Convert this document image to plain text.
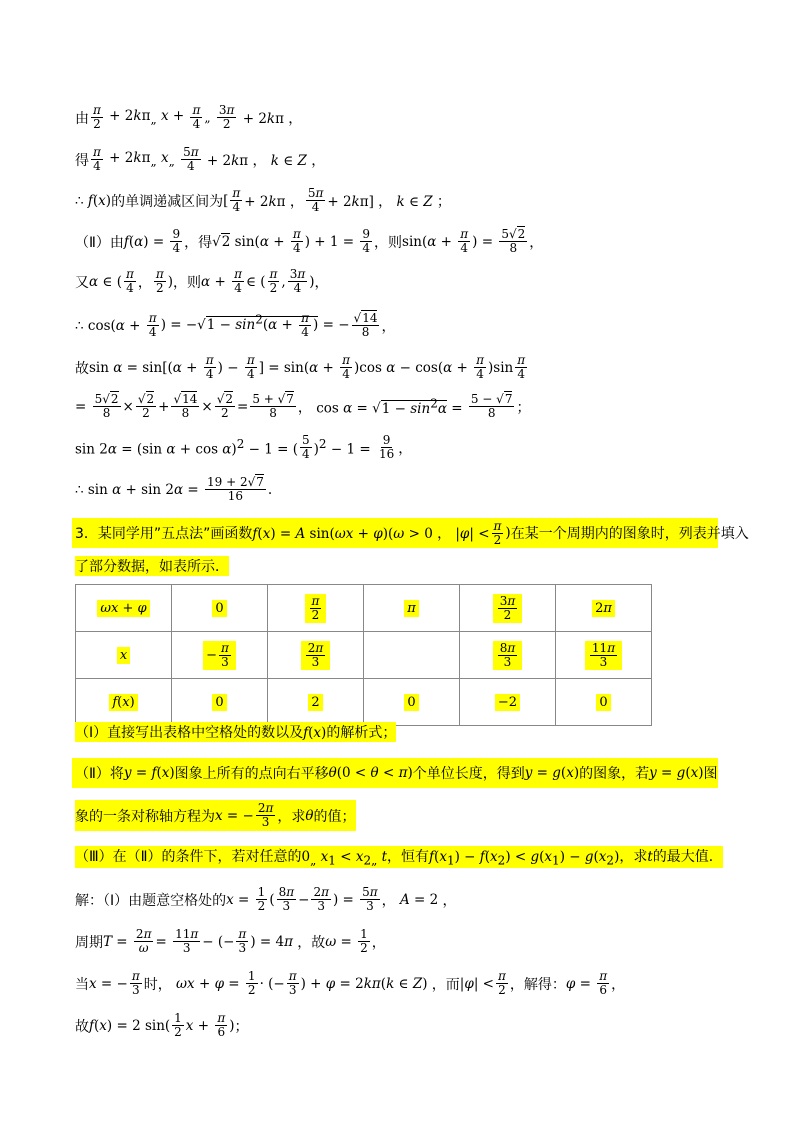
由 $\frac{\pi}{2} + 2k\pi_„$ $x + \frac{\pi}{4}$ „
$\frac{3\pi}{2} + 2k\pi$ ，
得 $\frac{\pi}{4} + 2k\pi_„$ $x_„ \frac{5\pi}{4} + 2k\pi$ ， k ∈ Z ，
∴ f(x) 的单调递减区间为 [ $\frac{\pi}{4} + 2k\pi$ ， $\frac{5\pi}{4} + 2k\pi$] ， k ∈ Z ；
（Ⅱ）由 $f(\alpha) = \frac{9}{4}$ ，得 √2 $\sin(\alpha + \frac{\pi}{4}$ ) + $1 = \frac{9}{4}$ ，则 $\sin(\alpha + \frac{\pi}{4}$ ) = $\frac{5√2}{8}$ ，
又 α ∈ ( $\frac{\pi}{4}$ ， $\frac{\pi}{2}$ ) ，则 $\alpha + \frac{\pi}{4}$ ∈ ( $\frac{\pi}{2}$ , $\frac{3\pi}{4}$ ) ，
∴ $\cos(\alpha + \frac{\pi}{4}$ ) = $-√1 - \sin^2(\alpha + \frac{\pi}{4}$ ) = − $\frac{√14}{8}$ ，
故 $\sin \alpha = \sin[(\alpha + \frac{\pi}{4}$ ) − $\frac{\pi}{4}$ ] = $\sin(\alpha + \frac{\pi}{4} )\cos$ $\alpha - \cos(\alpha + \frac{\pi}{4} )\sin \frac{\pi}{4}$
= $\frac{5√2}{8} \times \frac{√2}{2} + \frac{√14}{8} \times \frac{√2}{2} = \frac{5 + √7}{8}$ ， $\cos \alpha = √1 - \sin^2\alpha = \frac{5 - √7}{8}$ ；
sin 2α = (sin α + cos α)$^2$ − 1 = ( $\frac{5}{4} )^2 - 1 = \frac{9}{16}$ ，
∴ $\sin \alpha + \sin 2\alpha = \frac{19 + 2√7}{16}$ .
3．某同学用”五点法”画函数 f(x) = A sin(ωx + φ)(ω > 0 ， $|\varphi| < \frac{\pi}{2}$ ) 在某一个周期内的图象时，列表并填入
了部分数据，如表所示．
ωx + φ	0	$\frac{\pi}{2}$	π	$\frac{3\pi}{2}$	2 π

x	− $\frac{\pi}{3}$	$\frac{2\pi}{3}$		$\frac{8\pi}{3}$	$\frac{11\pi}{3}$

f ( x )	0	2	0	−2	0
（Ⅰ）直接写出表格中空格处的数以及f(x)的解析式；
（Ⅱ）将 y = f(x) 图象上所有的点向右平移 θ(0 < θ < π) 个单位长度，得到 y = g(x) 的图象，若 y = g(x) 图
象的一条对称轴方程为 x = − $\frac{2\pi}{3}$ ，求 θ 的值；
（Ⅲ）在（Ⅱ）的条件下，若对任意的$0_„$ $x_1 < x_{2„}$ t，恒有$f(x_1) - f(x_2) < g(x_1) - g(x_2)$，求t的最大值．
解：（Ⅰ）由题意空格处的 $x = \frac{1}{2}$ ( $\frac{8\pi}{3} - \frac{2\pi}{3}$ ) = $\frac{5\pi}{3}$ ， A = 2 ，
周期 $T = \frac{2\pi}{\omega} = \frac{11\pi}{3}$ − (− $\frac{\pi}{3}$ ) = 4π ，故 $\omega = \frac{1}{2}$ ，
当 x = − $\frac{\pi}{3}$ 时， $\omega x + \varphi = \frac{1}{2}$ · (− $\frac{\pi}{3}$ ) + φ = 2kπ(k ∈ Z) ，而 $|\varphi| < \frac{\pi}{2}$ ，解得： $\varphi = \frac{\pi}{6}$ ，
故 f(x) = 2 $\sin( \frac{1}{2}$ $x + \frac{\pi}{6}$ ) ；
